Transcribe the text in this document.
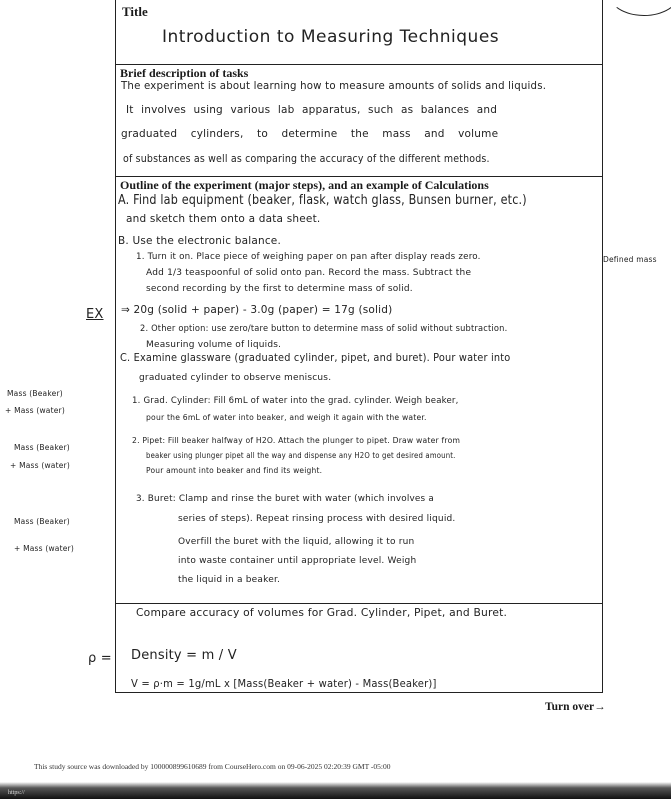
Title
Introduction to Measuring Techniques
Brief description of tasks
The experiment is about learning how to measure amounts of solids and liquids.
It involves using various lab apparatus, such as balances and
graduated cylinders, to determine the mass and volume
of substances as well as comparing the accuracy of the different methods.
Outline of the experiment (major steps), and an example of Calculations
A. Find lab equipment (beaker, flask, watch glass, Bunsen burner, etc.)
and sketch them onto a data sheet.
B. Use the electronic balance.
1. Turn it on. Place piece of weighing paper on pan after display reads zero.
Add 1/3 teaspoonful of solid onto pan. Record the mass. Subtract the
second recording by the first to determine mass of solid.
⇒ 20g (solid + paper) - 3.0g (paper) = 17g (solid)
2. Other option: use zero/tare button to determine mass of solid without subtraction.
Measuring volume of liquids.
C. Examine glassware (graduated cylinder, pipet, and buret). Pour water into
graduated cylinder to observe meniscus.
1. Grad. Cylinder: Fill 6mL of water into the grad. cylinder. Weigh beaker,
pour the 6mL of water into beaker, and weigh it again with the water.
2. Pipet: Fill beaker halfway of H2O. Attach the plunger to pipet. Draw water from
beaker using plunger pipet all the way and dispense any H2O to get desired amount.
Pour amount into beaker and find its weight.
3. Buret: Clamp and rinse the buret with water (which involves a
series of steps). Repeat rinsing process with desired liquid.
Overfill the buret with the liquid, allowing it to run
into waste container until appropriate level. Weigh
the liquid in a beaker.
Compare accuracy of volumes for Grad. Cylinder, Pipet, and Buret.
Density = m / V
V = ρ·m = 1g/mL x [Mass(Beaker + water) - Mass(Beaker)]
EX
Defined mass
Mass (Beaker)
+ Mass (water)
Mass (Beaker)
+ Mass (water)
Mass (Beaker)
+ Mass (water)
ρ =
Turn over→
This study source was downloaded by 100000899610689 from CourseHero.com on 09-06-2025 02:20:39 GMT -05:00
https://
